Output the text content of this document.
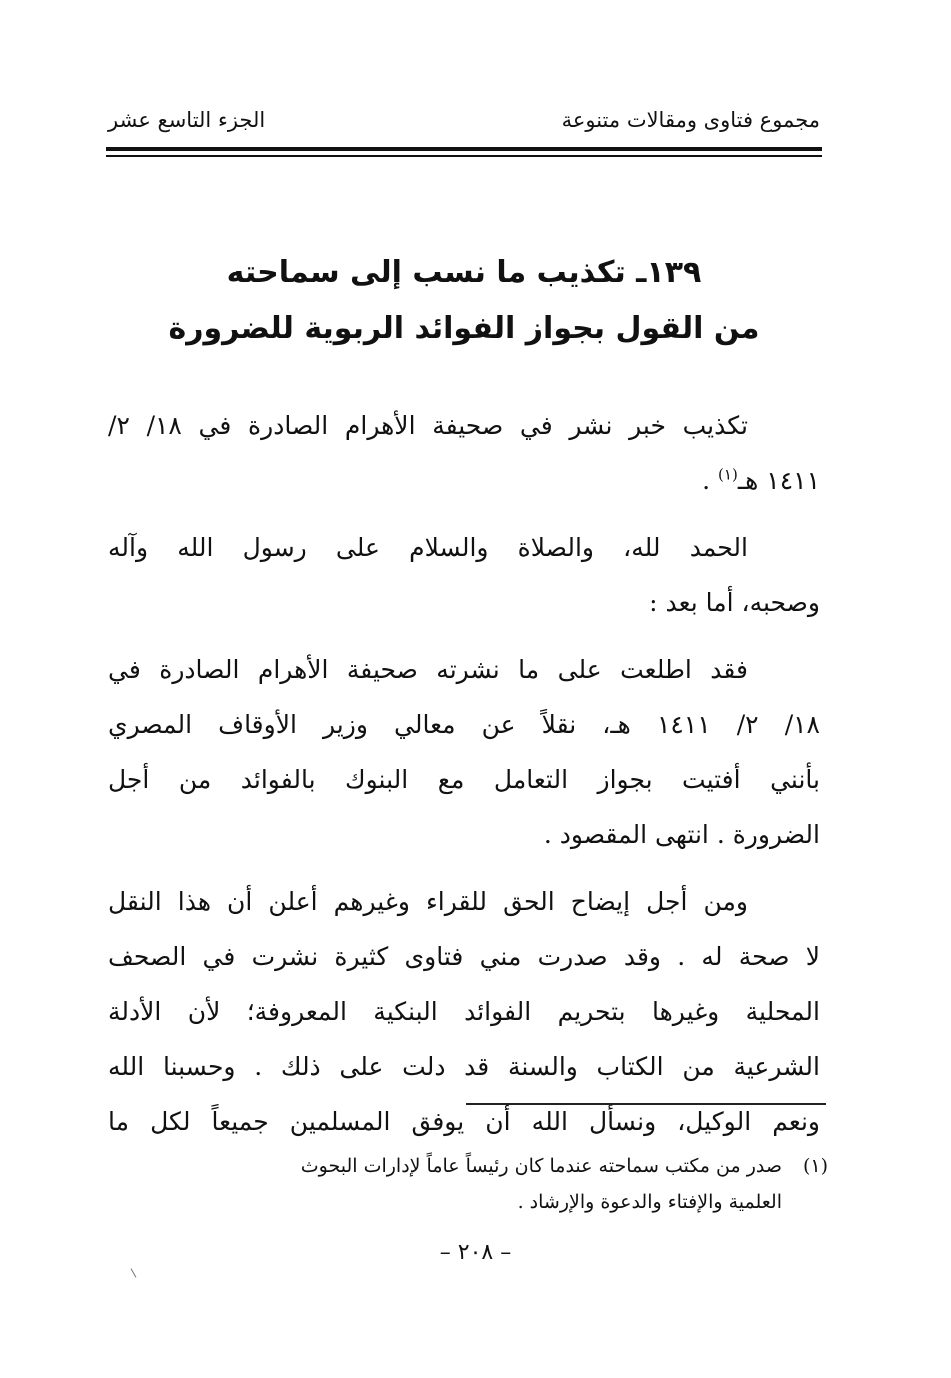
مجموع فتاوى ومقالات متنوعة
الجزء التاسع عشر
١٣٩ـ تكذيب ما نسب إلى سماحته
من القول بجواز الفوائد الربوية للضرورة

تكذيب خبر نشر في صحيفة الأهرام الصادرة في ١٨/ ٢/
١٤١١ هـ$^{(١)}$ .

الحمد لله، والصلاة والسلام على رسول الله وآله
وصحبه، أما بعد :

فقد اطلعت على ما نشرته صحيفة الأهرام الصادرة في
١٨/ ٢/ ١٤١١ هـ، نقلاً عن معالي وزير الأوقاف المصري
بأنني أفتيت بجواز التعامل مع البنوك بالفوائد من أجل
الضرورة . انتهى المقصود .

ومن أجل إيضاح الحق للقراء وغيرهم أعلن أن هذا النقل
لا صحة له . وقد صدرت مني فتاوى كثيرة نشرت في الصحف
المحلية وغيرها بتحريم الفوائد البنكية المعروفة؛ لأن الأدلة
الشرعية من الكتاب والسنة قد دلت على ذلك . وحسبنا الله
ونعم الوكيل، ونسأل الله أن يوفق المسلمين جميعاً لكل ما

(١)صدر من مكتب سماحته عندما كان رئيساً عاماً لإدارات البحوث
العلمية والإفتاء والدعوة والإرشاد .
– ٢٠٨ –
